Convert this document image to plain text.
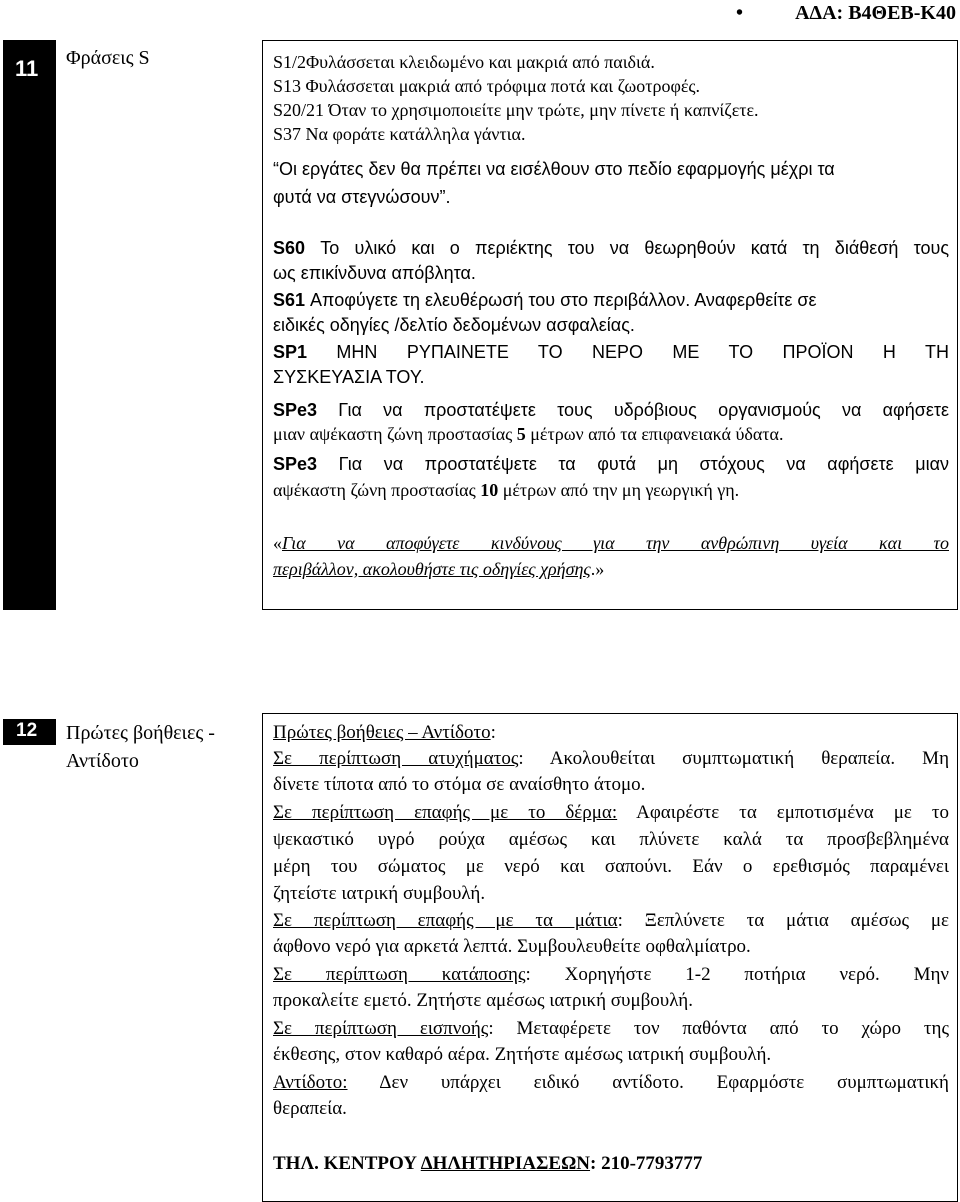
•	ΑΔΑ: Β4ΘΕΒ-Κ40
11 Φράσεις S	S1/2Φυλάσσεται κλειδωμένο και μακριά από παιδιά.
S13 Φυλάσσεται μακριά από τρόφιμα ποτά και ζωοτροφές.
S20/21 Όταν το χρησιμοποιείτε μην τρώτε, μην πίνετε ή καπνίζετε.
S37 Να φοράτε κατάλληλα γάντια.
“Οι εργάτες δεν θα πρέπει να εισέλθουν στο πεδίο εφαρμογής μέχρι τα
φυτά να στεγνώσουν”.
S60 Το υλικό και ο περιέκτης του να θεωρηθούν κατά τη διάθεσή τους
ως επικίνδυνα απόβλητα.
S61 Αποφύγετε τη ελευθέρωσή του στο περιβάλλον. Αναφερθείτε σε
ειδικές οδηγίες /δελτίο δεδομένων ασφαλείας.
SP1 ΜΗΝ ΡΥΠΑΙΝΕΤΕ ΤΟ ΝΕΡΟ ΜΕ ΤΟ ΠΡΟΪΟΝ Η ΤΗ
ΣΥΣΚΕΥΑΣΙΑ ΤΟΥ.
SPe3 Για να προστατέψετε τους υδρόβιους οργανισμούς να αφήσετε
μιαν αψέκαστη ζώνη προστασίας 5 μέτρων από τα επιφανειακά ύδατα.
SPe3 Για να προστατέψετε τα φυτά μη στόχους να αφήσετε μιαν
αψέκαστη ζώνη προστασίας 10 μέτρων από την μη γεωργική γη.
«Για να αποφύγετε κινδύνους για την ανθρώπινη υγεία και το
περιβάλλον, ακολουθήστε τις οδηγίες χρήσης.»
12 Πρώτες βοήθειες -
Αντίδοτο
Πρώτες βοήθειες – Αντίδοτο:
Σε περίπτωση ατυχήματος: Ακολουθείται συμπτωματική θεραπεία. Μη
δίνετε τίποτα από το στόμα σε αναίσθητο άτομο.
Σε περίπτωση επαφής με το δέρμα: Αφαιρέστε τα εμποτισμένα με το
ψεκαστικό υγρό ρούχα αμέσως και πλύνετε καλά τα προσβεβλημένα
μέρη του σώματος με νερό και σαπούνι. Εάν ο ερεθισμός παραμένει
ζητείστε ιατρική συμβουλή.
Σε περίπτωση επαφής με τα μάτια: Ξεπλύνετε τα μάτια αμέσως με
άφθονο νερό για αρκετά λεπτά. Συμβουλευθείτε οφθαλμίατρο.
Σε περίπτωση κατάποσης: Χορηγήστε 1-2 ποτήρια νερό. Μην
προκαλείτε εμετό. Ζητήστε αμέσως ιατρική συμβουλή.
Σε περίπτωση εισπνοής: Μεταφέρετε τον παθόντα από το χώρο της
έκθεσης, στον καθαρό αέρα. Ζητήστε αμέσως ιατρική συμβουλή.
Αντίδοτο: Δεν υπάρχει ειδικό αντίδοτο. Εφαρμόστε συμπτωματική
θεραπεία.
ΤΗΛ. ΚΕΝΤΡΟΥ ΔΗΛΗΤΗΡΙΑΣΕΩΝ: 210-7793777
